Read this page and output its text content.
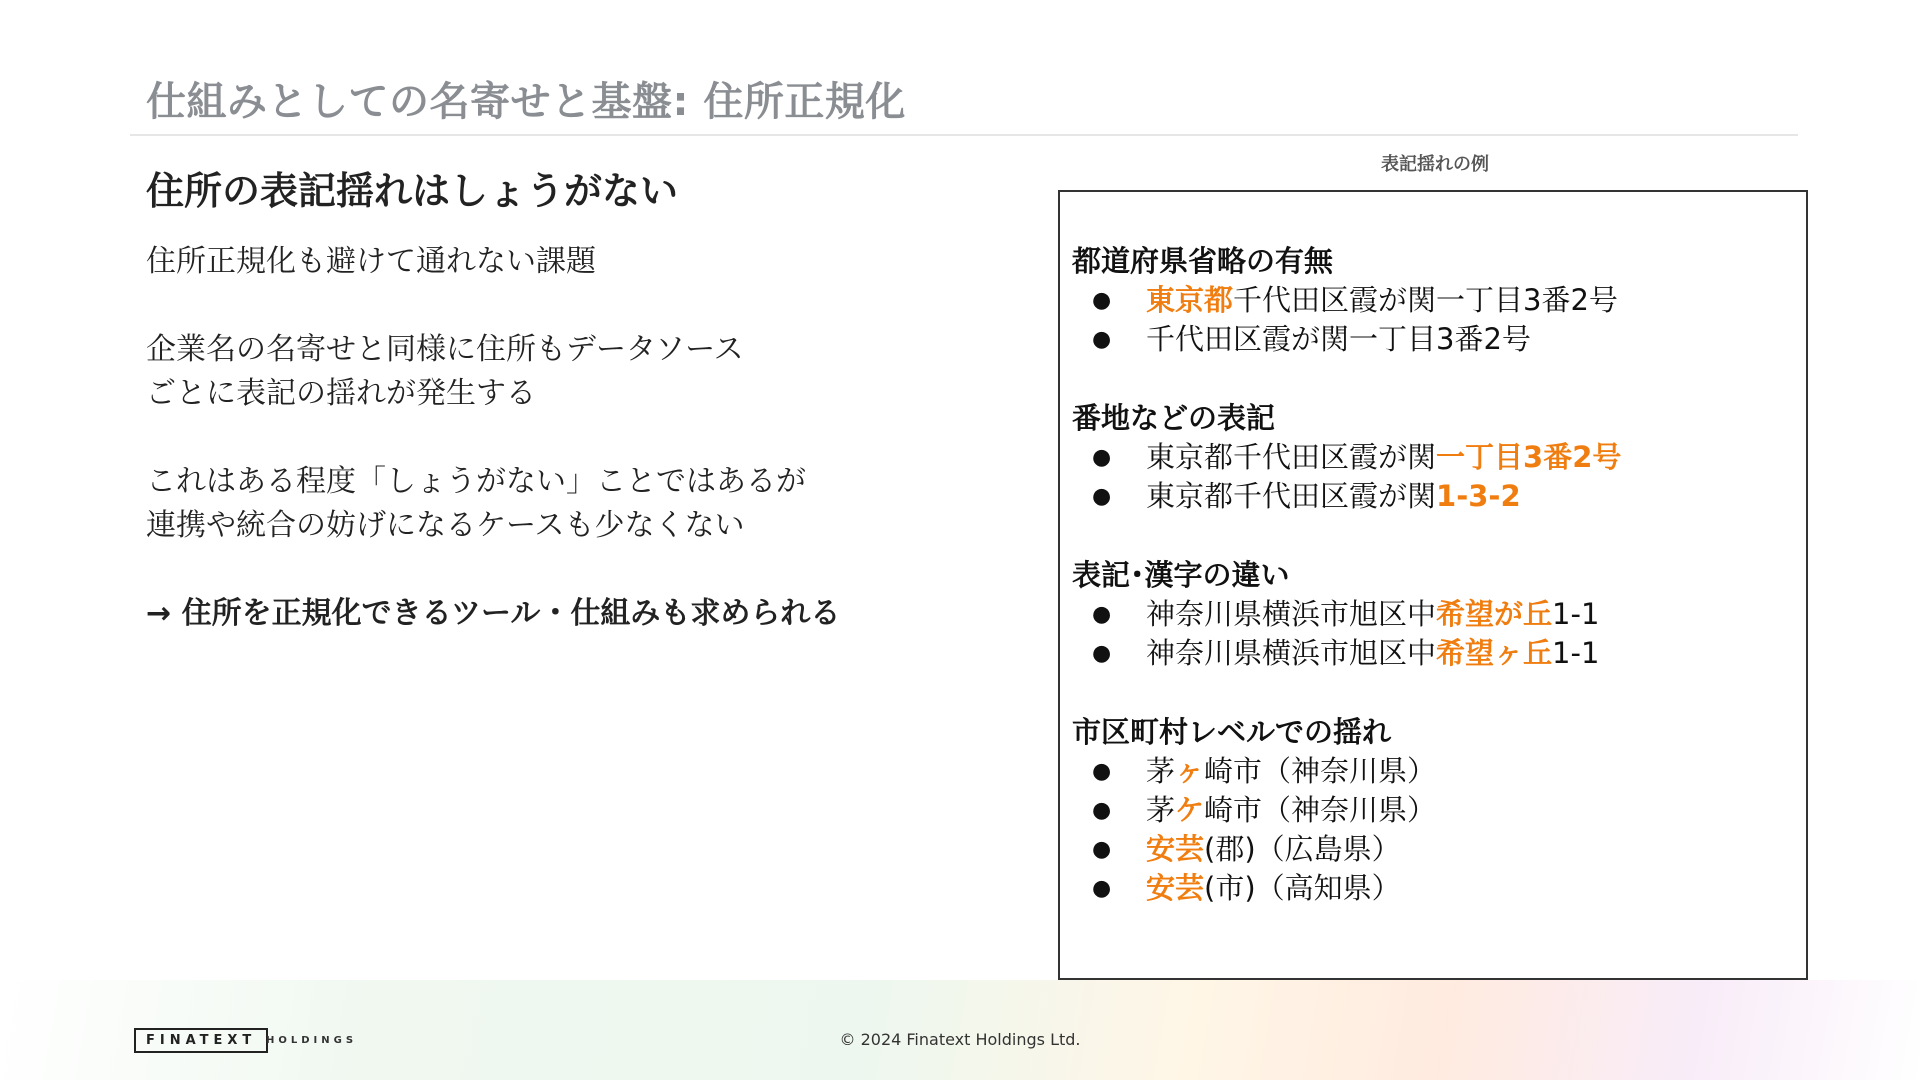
仕組みとしての名寄せと基盤: 住所正規化
住所の表記揺れはしょうがない

住所正規化も避けて通れない課題

企業名の名寄せと同様に住所もデータソース
ごとに表記の揺れが発生する

これはある程度「しょうがない」ことではあるが
連携や統合の妨げになるケースも少なくない

→ 住所を正規化できるツール・仕組みも求められる

表記揺れの例
都道府県省略の有無
● 東京都千代田区霞が関一丁目3番2号
● 千代田区霞が関一丁目3番2号
番地などの表記
● 東京都千代田区霞が関一丁目3番2号
● 東京都千代田区霞が関1-3-2
表記･漢字の違い
● 神奈川県横浜市旭区中希望が丘1-1
● 神奈川県横浜市旭区中希望ヶ丘1-1
市区町村レベルでの揺れ
● 茅ヶ崎市（神奈川県）
● 茅ケ崎市（神奈川県）
● 安芸(郡)（広島県）
● 安芸(市)（高知県）
FINATEXT HOLDINGS	© 2024 Finatext Holdings Ltd.
